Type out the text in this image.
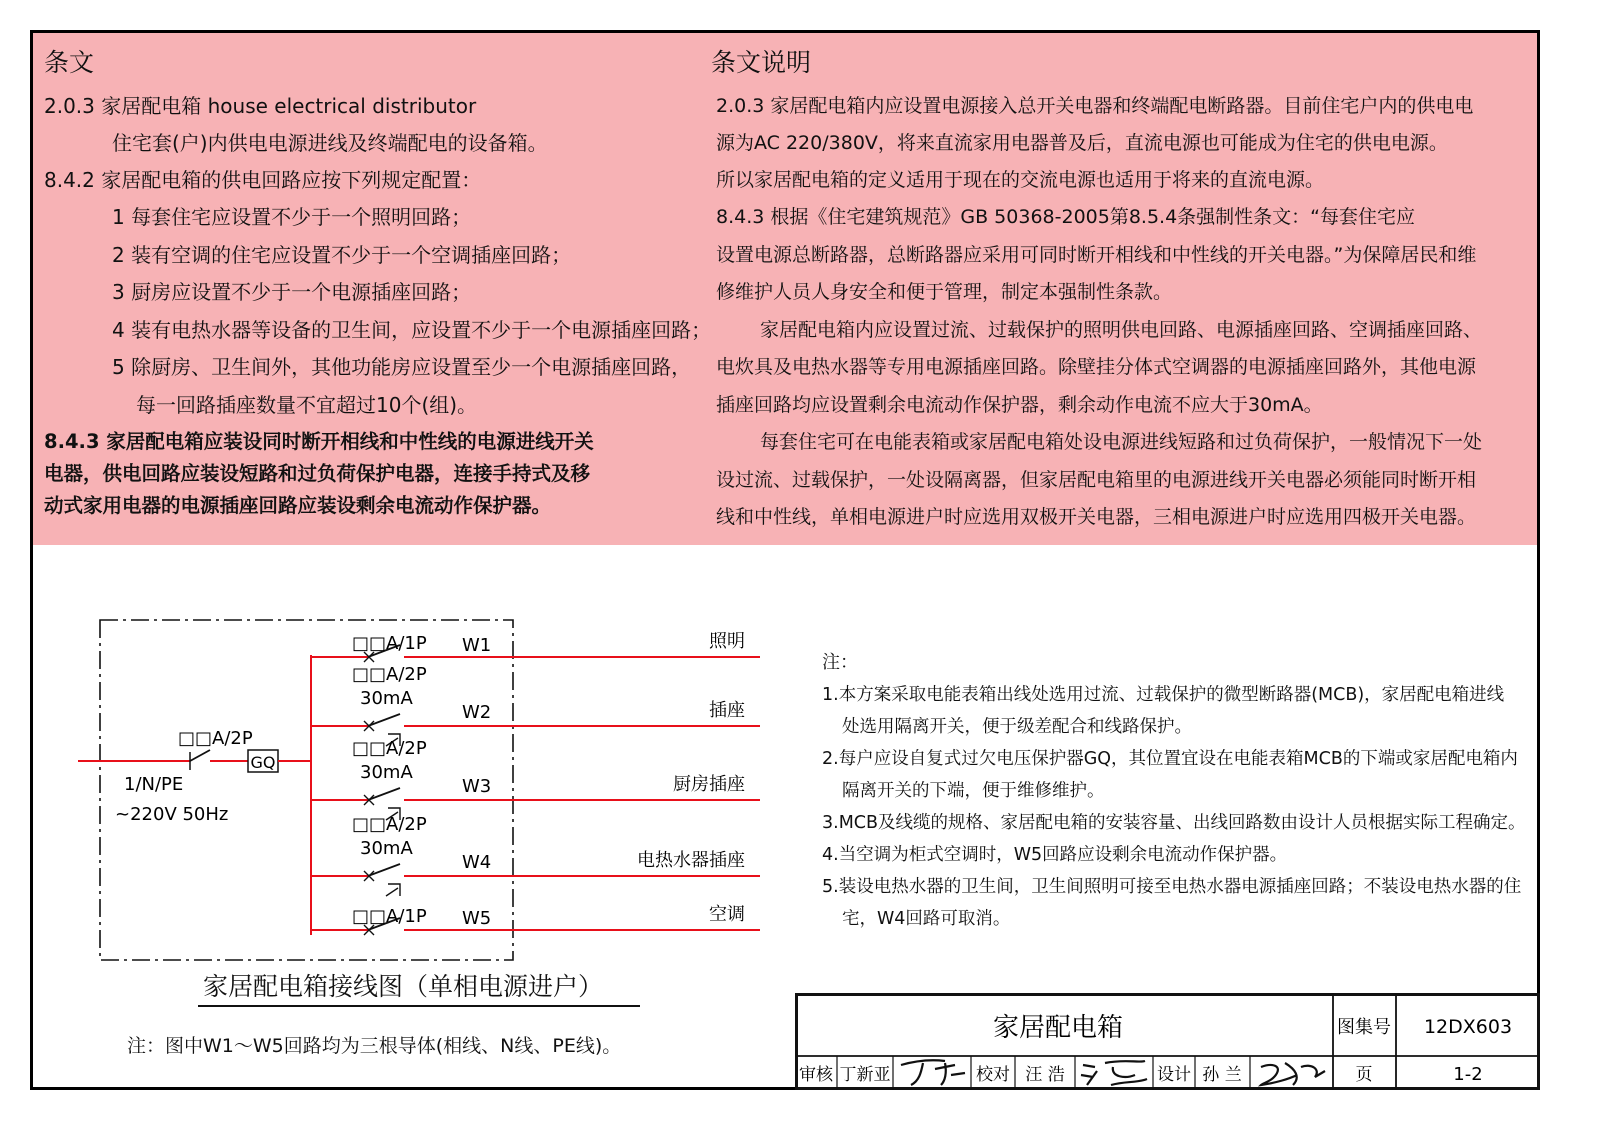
条文
2.0.3 家居配电箱 house electrical distributor
住宅套(户)内供电电源进线及终端配电的设备箱。
8.4.2 家居配电箱的供电回路应按下列规定配置：
1 每套住宅应设置不少于一个照明回路；
2 装有空调的住宅应设置不少于一个空调插座回路；
3 厨房应设置不少于一个电源插座回路；
4 装有电热水器等设备的卫生间，应设置不少于一个电源插座回路；
5 除厨房、卫生间外，其他功能房应设置至少一个电源插座回路，
每一回路插座数量不宜超过10个(组)。
8.4.3 家居配电箱应装设同时断开相线和中性线的电源进线开关
电器，供电回路应装设短路和过负荷保护电器，连接手持式及移
动式家用电器的电源插座回路应装设剩余电流动作保护器。
条文说明
2.0.3 家居配电箱内应设置电源接入总开关电器和终端配电断路器。目前住宅户内的供电电
源为AC 220/380V，将来直流家用电器普及后，直流电源也可能成为住宅的供电电源。
所以家居配电箱的定义适用于现在的交流电源也适用于将来的直流电源。
8.4.3 根据《住宅建筑规范》GB 50368-2005第8.5.4条强制性条文：“每套住宅应
设置电源总断路器，总断路器应采用可同时断开相线和中性线的开关电器。”为保障居民和维
修维护人员人身安全和便于管理，制定本强制性条款。
家居配电箱内应设置过流、过载保护的照明供电回路、电源插座回路、空调插座回路、
电炊具及电热水器等专用电源插座回路。除壁挂分体式空调器的电源插座回路外，其他电源
插座回路均应设置剩余电流动作保护器，剩余动作电流不应大于30mA。
每套住宅可在电能表箱或家居配电箱处设电源进线短路和过负荷保护，一般情况下一处
设过流、过载保护，一处设隔离器，但家居配电箱里的电源进线开关电器必须能同时断开相
线和中性线，单相电源进户时应选用双极开关电器，三相电源进户时应选用四极开关电器。
GQ
□□A/2P
1/N/PE
~220V 50Hz
□□A/1P W1	照明
□□A/2P
30mA
W2	插座
□□A/2P
30mA
W3	厨房插座
□□A/2P
30mA
W4	电热水器插座
□□A/1P W5	空调
家居配电箱接线图（单相电源进户）
注：图中W1～W5回路均为三根导体(相线、N线、PE线)。
注：
1.本方案采取电能表箱出线处选用过流、过载保护的微型断路器(MCB)，家居配电箱进线
处选用隔离开关，便于级差配合和线路保护。
2.每户应设自复式过欠电压保护器GQ，其位置宜设在电能表箱MCB的下端或家居配电箱内
隔离开关的下端，便于维修维护。
3.MCB及线缆的规格、家居配电箱的安装容量、出线回路数由设计人员根据实际工程确定。
4.当空调为柜式空调时，W5回路应设剩余电流动作保护器。
5.装设电热水器的卫生间，卫生间照明可接至电热水器电源插座回路；不装设电热水器的住
宅，W4回路可取消。
家居配电箱	图集号 12DX603
审核 丁新亚	校对 汪 浩	设计 孙 兰	页	1-2
